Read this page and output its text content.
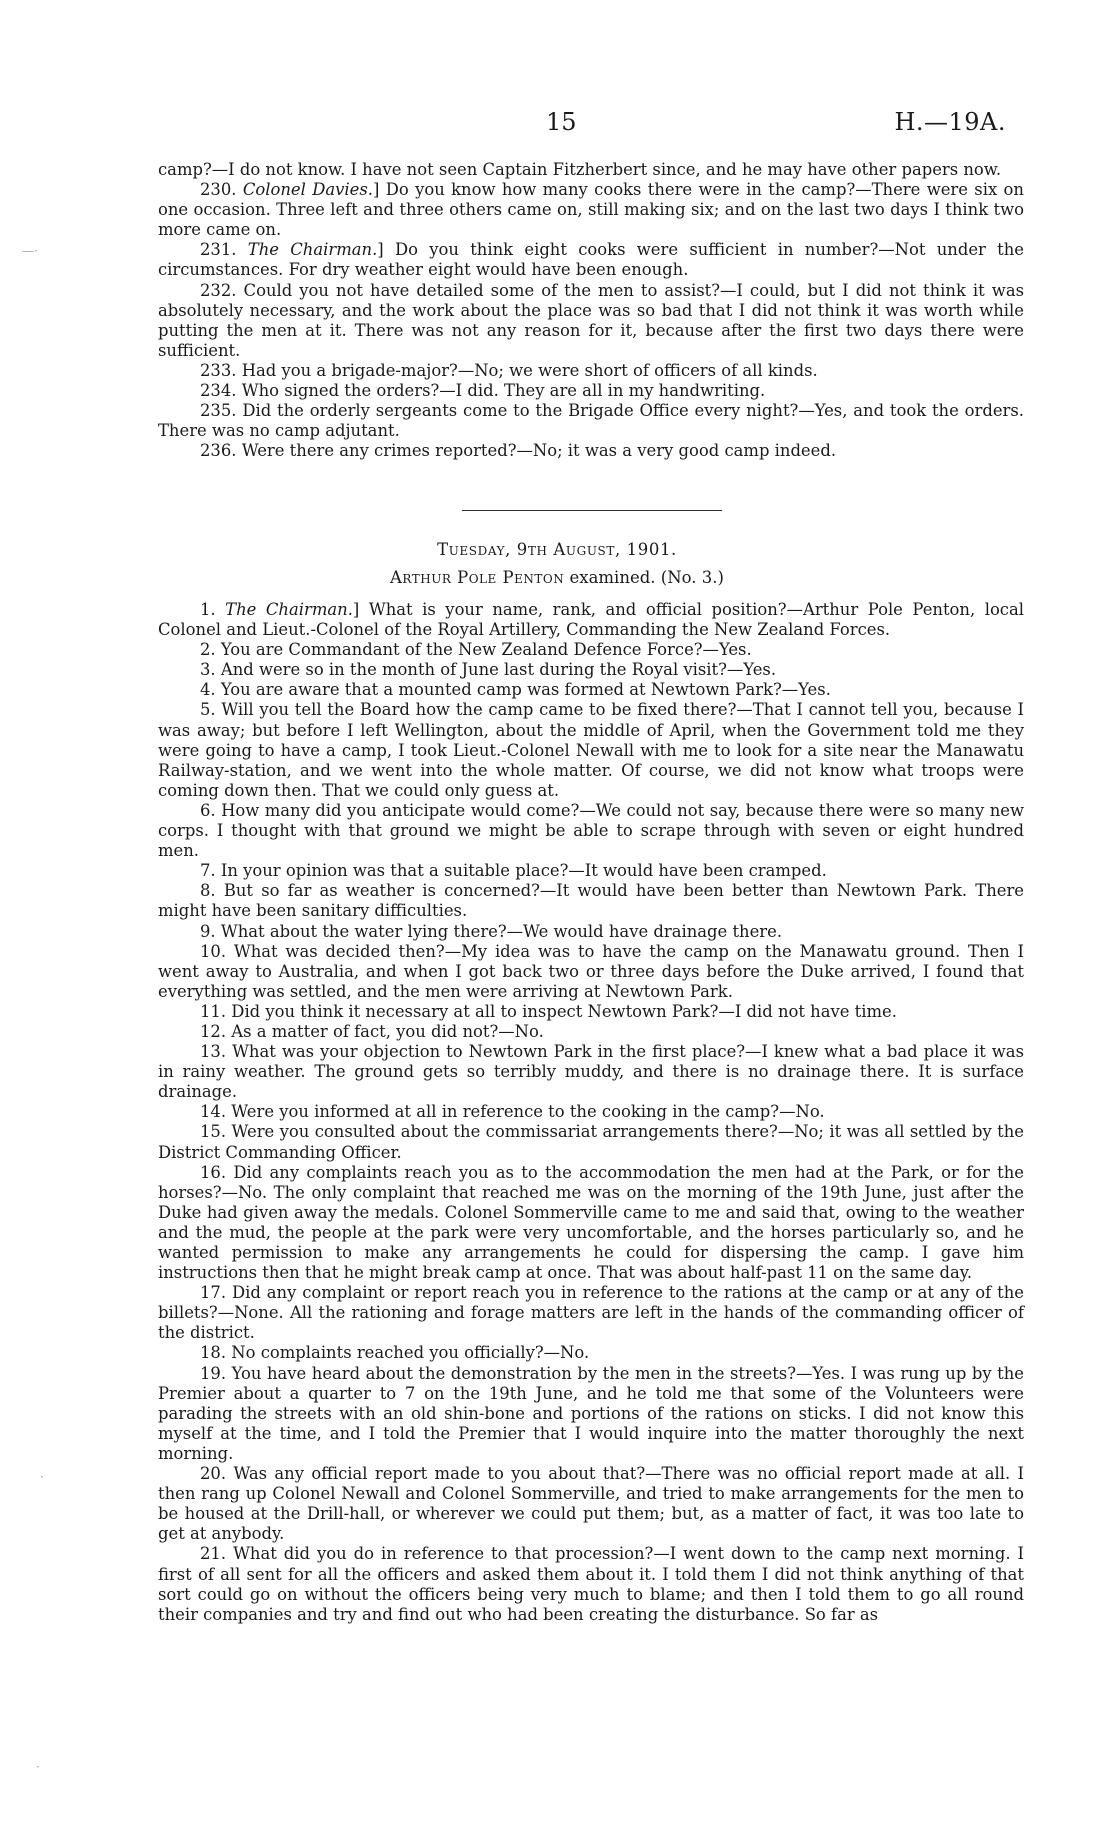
15	H.—19A.

camp?—I do not know. I have not seen Captain Fitzherbert since, and he may have other papers now.

230. Colonel Davies.] Do you know how many cooks there were in the camp?—There were six on one occasion. Three left and three others came on, still making six; and on the last two days I think two more came on.

231. The Chairman.] Do you think eight cooks were sufficient in number?—Not under the circumstances. For dry weather eight would have been enough.

232. Could you not have detailed some of the men to assist?—I could, but I did not think it was absolutely necessary, and the work about the place was so bad that I did not think it was worth while putting the men at it. There was not any reason for it, because after the first two days there were sufficient.

233. Had you a brigade-major?—No; we were short of officers of all kinds.

234. Who signed the orders?—I did. They are all in my handwriting.

235. Did the orderly sergeants come to the Brigade Office every night?—Yes, and took the orders. There was no camp adjutant.

236. Were there any crimes reported?—No; it was a very good camp indeed.

Tuesday, 9th August, 1901.
Arthur Pole Penton examined. (No. 3.)

1. The Chairman.] What is your name, rank, and official position?—Arthur Pole Penton, local Colonel and Lieut.-Colonel of the Royal Artillery, Commanding the New Zealand Forces.

2. You are Commandant of the New Zealand Defence Force?—Yes.

3. And were so in the month of June last during the Royal visit?—Yes.

4. You are aware that a mounted camp was formed at Newtown Park?—Yes.

5. Will you tell the Board how the camp came to be fixed there?—That I cannot tell you, because I was away; but before I left Wellington, about the middle of April, when the Government told me they were going to have a camp, I took Lieut.-Colonel Newall with me to look for a site near the Manawatu Railway-station, and we went into the whole matter. Of course, we did not know what troops were coming down then. That we could only guess at.

6. How many did you anticipate would come?—We could not say, because there were so many new corps. I thought with that ground we might be able to scrape through with seven or eight hundred men.

7. In your opinion was that a suitable place?—It would have been cramped.

8. But so far as weather is concerned?—It would have been better than Newtown Park. There might have been sanitary difficulties.

9. What about the water lying there?—We would have drainage there.

10. What was decided then?—My idea was to have the camp on the Manawatu ground. Then I went away to Australia, and when I got back two or three days before the Duke arrived, I found that everything was settled, and the men were arriving at Newtown Park.

11. Did you think it necessary at all to inspect Newtown Park?—I did not have time.

12. As a matter of fact, you did not?—No.

13. What was your objection to Newtown Park in the first place?—I knew what a bad place it was in rainy weather. The ground gets so terribly muddy, and there is no drainage there. It is surface drainage.

14. Were you informed at all in reference to the cooking in the camp?—No.

15. Were you consulted about the commissariat arrangements there?—No; it was all settled by the District Commanding Officer.

16. Did any complaints reach you as to the accommodation the men had at the Park, or for the horses?—No. The only complaint that reached me was on the morning of the 19th June, just after the Duke had given away the medals. Colonel Sommerville came to me and said that, owing to the weather and the mud, the people at the park were very uncomfortable, and the horses particularly so, and he wanted permission to make any arrangements he could for dispersing the camp. I gave him instructions then that he might break camp at once. That was about half-past 11 on the same day.

17. Did any complaint or report reach you in reference to the rations at the camp or at any of the billets?—None. All the rationing and forage matters are left in the hands of the commanding officer of the district.

18. No complaints reached you officially?—No.

19. You have heard about the demonstration by the men in the streets?—Yes. I was rung up by the Premier about a quarter to 7 on the 19th June, and he told me that some of the Volunteers were parading the streets with an old shin-bone and portions of the rations on sticks. I did not know this myself at the time, and I told the Premier that I would inquire into the matter thoroughly the next morning.

20. Was any official report made to you about that?—There was no official report made at all. I then rang up Colonel Newall and Colonel Sommerville, and tried to make arrangements for the men to be housed at the Drill-hall, or wherever we could put them; but, as a matter of fact, it was too late to get at anybody.

21. What did you do in reference to that procession?—I went down to the camp next morning. I first of all sent for all the officers and asked them about it. I told them I did not think anything of that sort could go on without the officers being very much to blame; and then I told them to go all round their companies and try and find out who had been creating the disturbance. So far as

—·
·
·
